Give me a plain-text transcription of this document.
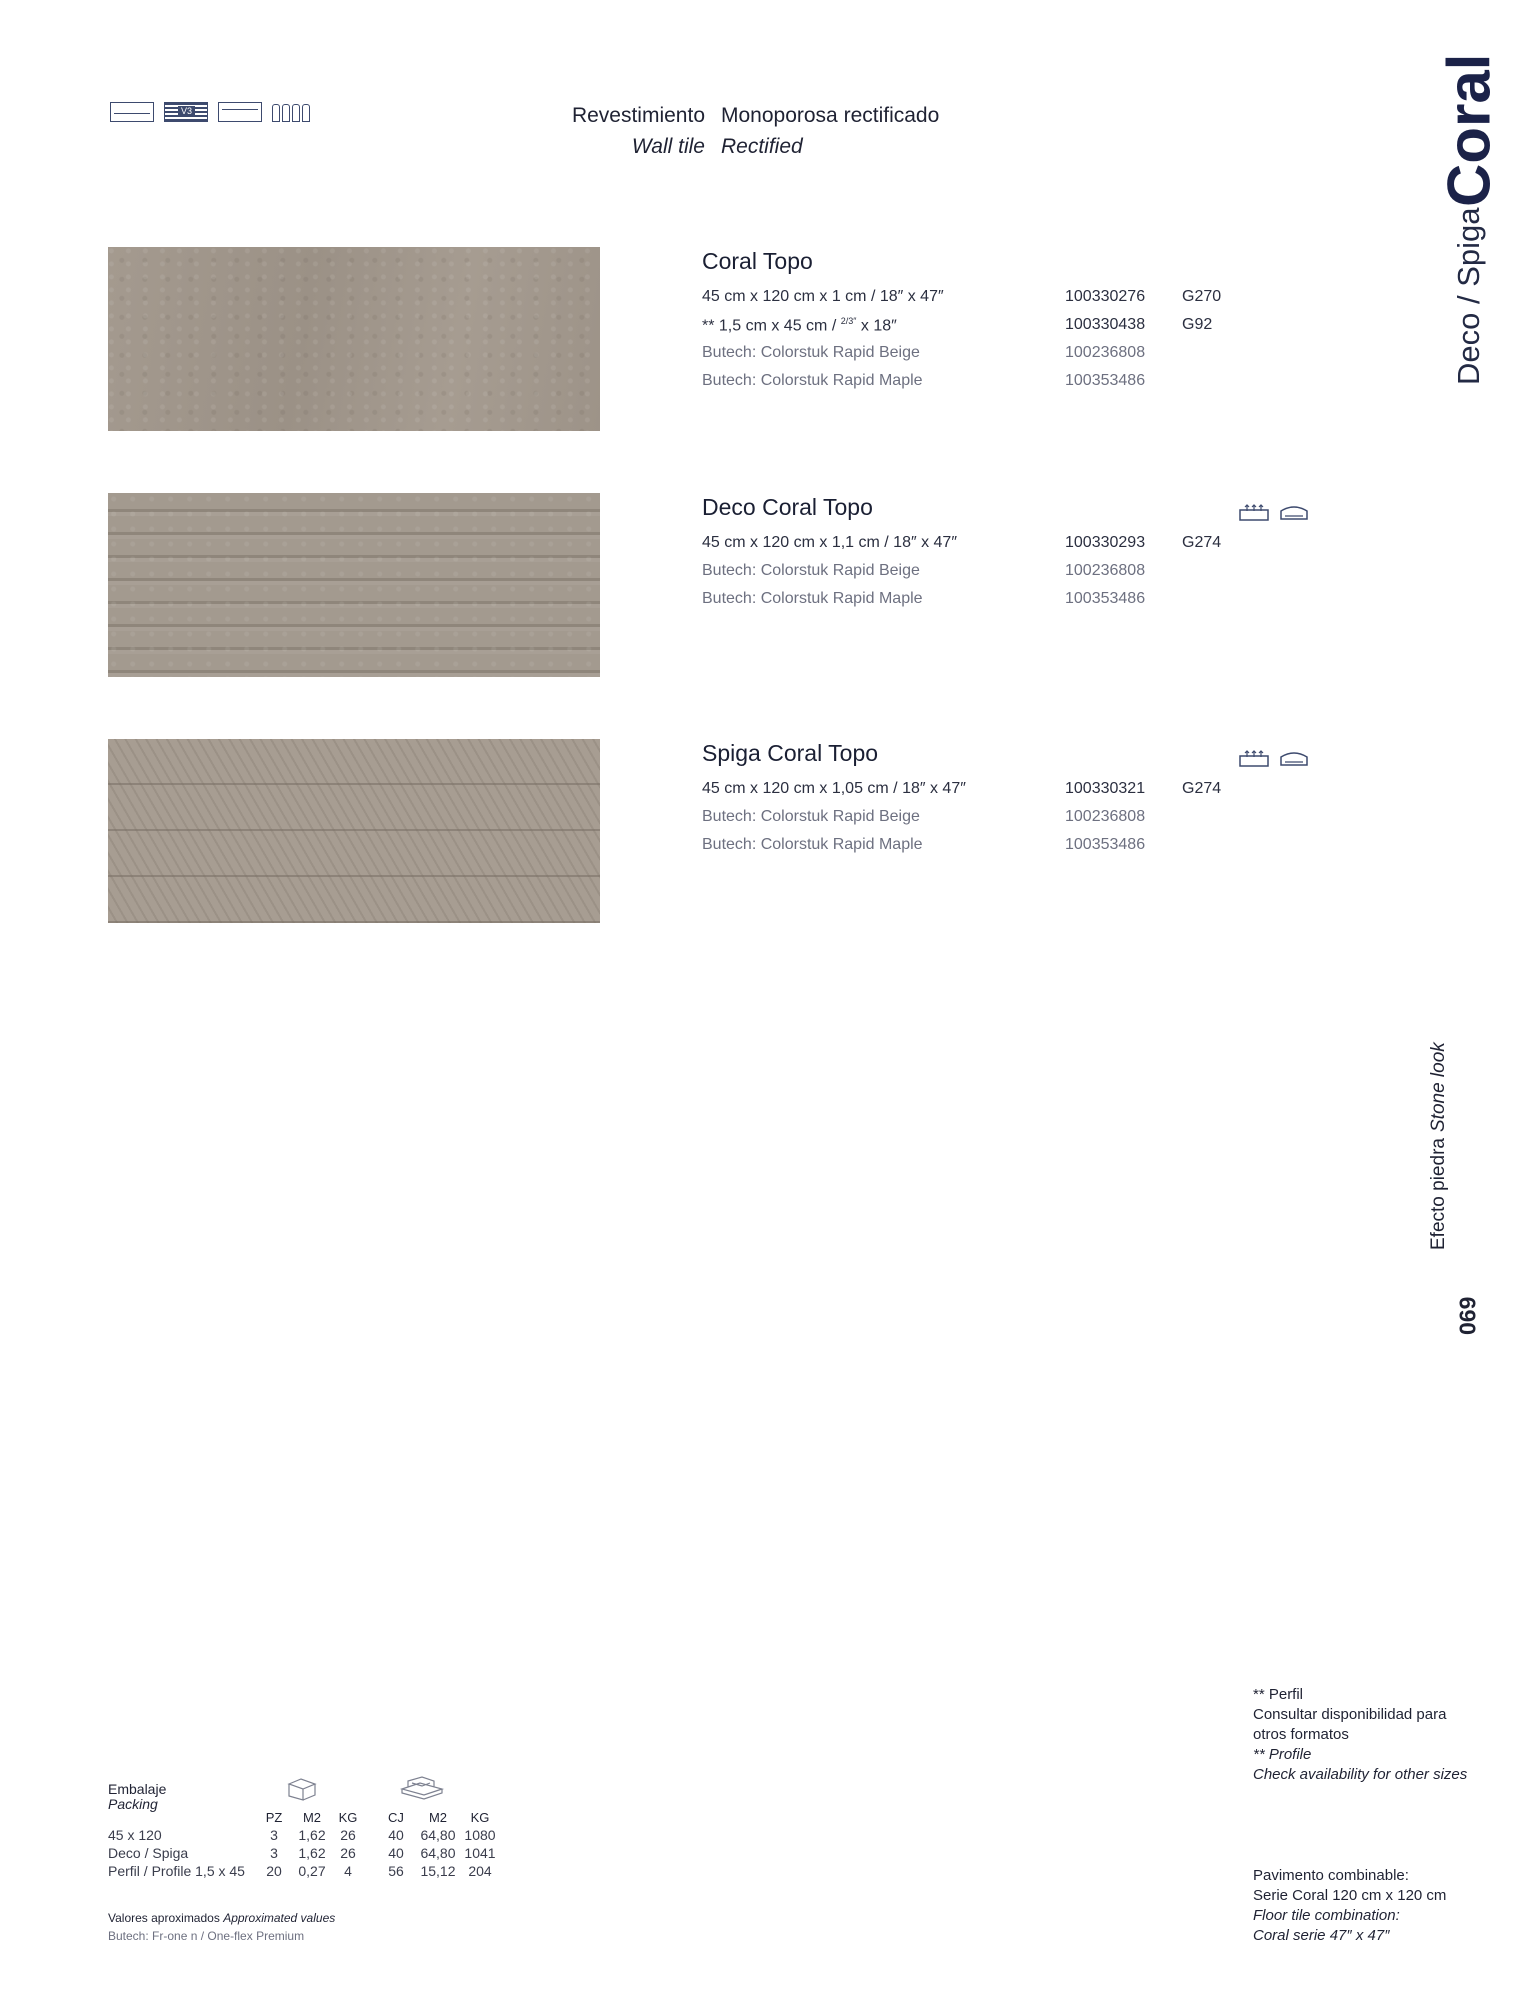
V3	Revestimiento Monoporosa rectificado
Wall tile Rectified
Deco / Spiga
Coral
Coral Topo
45 cm x 120 cm x 1 cm / 18″ x 47″	100330276 G270
** 1,5 cm x 45 cm / $^{2/3''}$ x 18″	100330438 G92
Butech: Colorstuk Rapid Beige	100236808
Butech: Colorstuk Rapid Maple	100353486
Deco Coral Topo
45 cm x 120 cm x 1,1 cm / 18″ x 47″	100330293 G274
Butech: Colorstuk Rapid Beige	100236808
Butech: Colorstuk Rapid Maple	100353486
Spiga Coral Topo
45 cm x 120 cm x 1,05 cm / 18″ x 47″	100330321 G274
Butech: Colorstuk Rapid Beige	100236808
Butech: Colorstuk Rapid Maple	100353486
Efecto piedra
Stone look
069
** Perfil
Consultar disponibilidad para
otros formatos
** Profile
Check availability for other sizes
Pavimento combinable:
Serie Coral 120 cm x 120 cm
Floor tile combination:
Coral serie 47″ x 47″
Embalaje
Packing
	PZ	M2	KG		CJ	M2	KG
45 x 120	3	1,62	26		40	64,80	1080
Deco / Spiga	3	1,62	26		40	64,80	1041
Perfil / Profile 1,5 x 45	20	0,27	4		56	15,12	204
Valores aproximados Approximated values
Butech: Fr-one n / One-flex Premium
